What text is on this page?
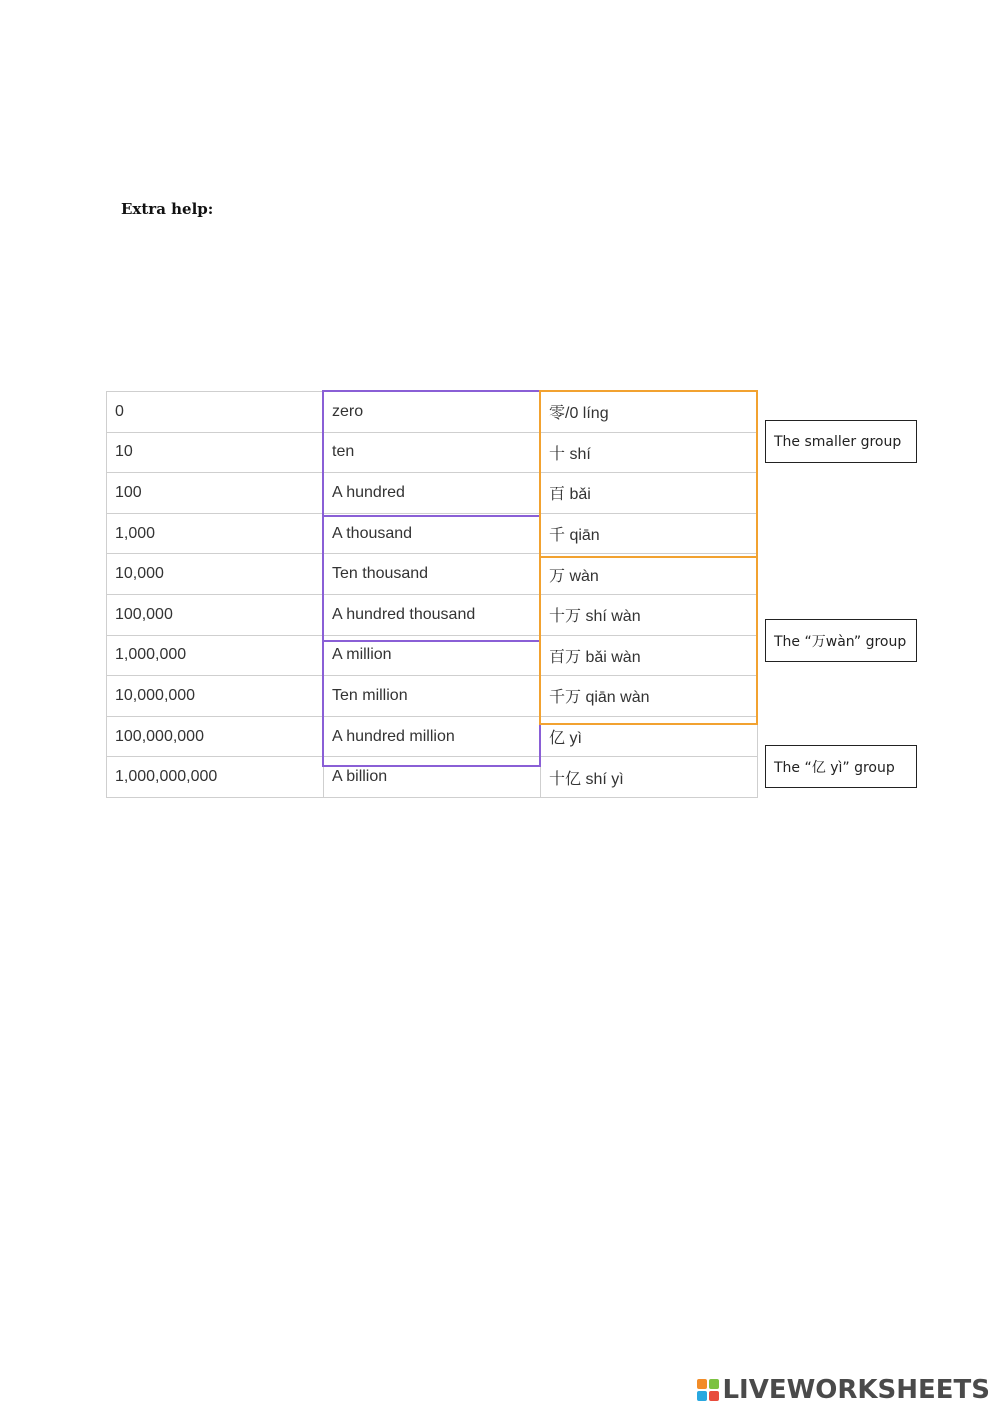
Extra help:
0	zero	零/0 líng
10	ten	十 shí
100	A hundred	百 bǎi
1,000	A thousand	千 qiān
10,000	Ten thousand	万 wàn
100,000	A hundred thousand	十万 shí wàn
1,000,000	A million	百万 bǎi wàn
10,000,000	Ten million	千万 qiān wàn
100,000,000	A hundred million	亿 yì
1,000,000,000	A billion	十亿 shí yì
The smaller group
The “万wàn” group
The “亿 yì” group
LIVEWORKSHEETS
